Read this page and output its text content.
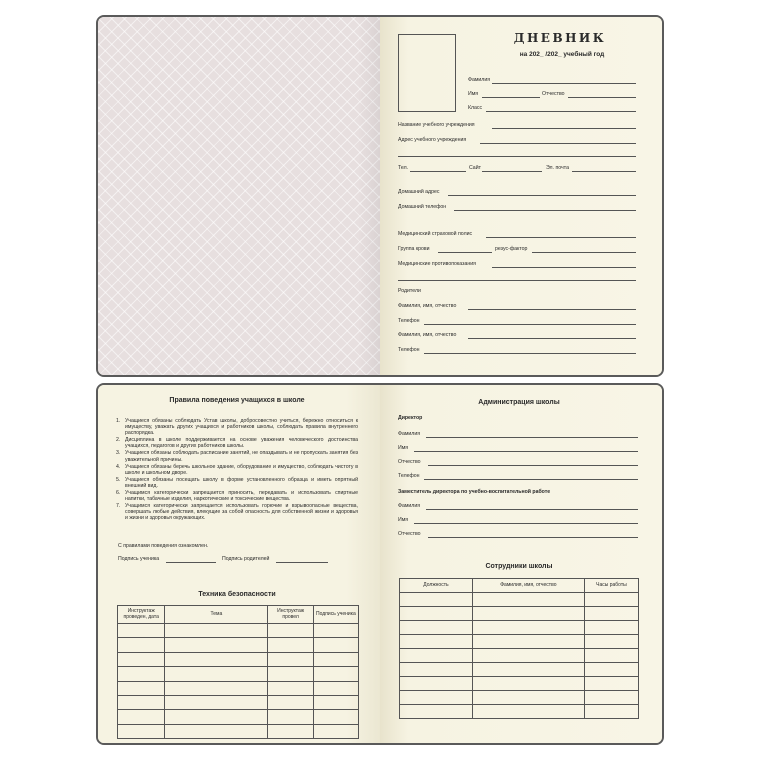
ДНЕВНИК
на 202_ /202_ учебный год
Фамилия
Имя	Отчество
Класс
Название учебного учреждения
Адрес учебного учреждения
Тел.	Сайт	Эл. почта
Домашний адрес
Домашний телефон
Медицинский страховой полис
Группа крови	резус-фактор
Медицинские противопоказания
Родители
Фамилия, имя, отчество
Телефон
Фамилия, имя, отчество
Телефон
Правила поведения учащихся в школе
1. Учащиеся обязаны соблюдать Устав школы, добросовестно учиться, бережно относиться к имуществу, уважать других учащихся и работников школы, соблюдать правила внутреннего распорядка.
2. Дисциплина в школе поддерживается на основе уважения человеческого достоинства учащихся, педагогов и других работников школы.
3. Учащиеся обязаны соблюдать расписание занятий, не опаздывать и не пропускать занятия без уважительной причины.
4. Учащиеся обязаны беречь школьное здание, оборудование и имущество, соблюдать чистоту в школе и школьном дворе.
5. Учащиеся обязаны посещать школу в форме установленного образца и иметь опрятный внешний вид.
6. Учащимся категорически запрещается приносить, передавать и использовать спиртные напитки, табачные изделия, наркотические и токсические вещества.
7. Учащимся категорически запрещается использовать горючие и взрывоопасные вещества, совершать любые действия, влекущие за собой опасность для собственной жизни и здоровья и жизни и здоровья окружающих.
С правилами поведения ознакомлен.
Подпись ученика	Подпись родителей
Техника безопасности
Инструктаж проведен, дата	Тема	Инструктаж провел	Подпись ученика

Администрация школы
Директор
Фамилия
Имя
Отчество
Телефон
Заместитель директора по учебно-воспитательной работе
Фамилия
Имя
Отчество
Сотрудники школы
Должность	Фамилия, имя, отчество	Часы работы
